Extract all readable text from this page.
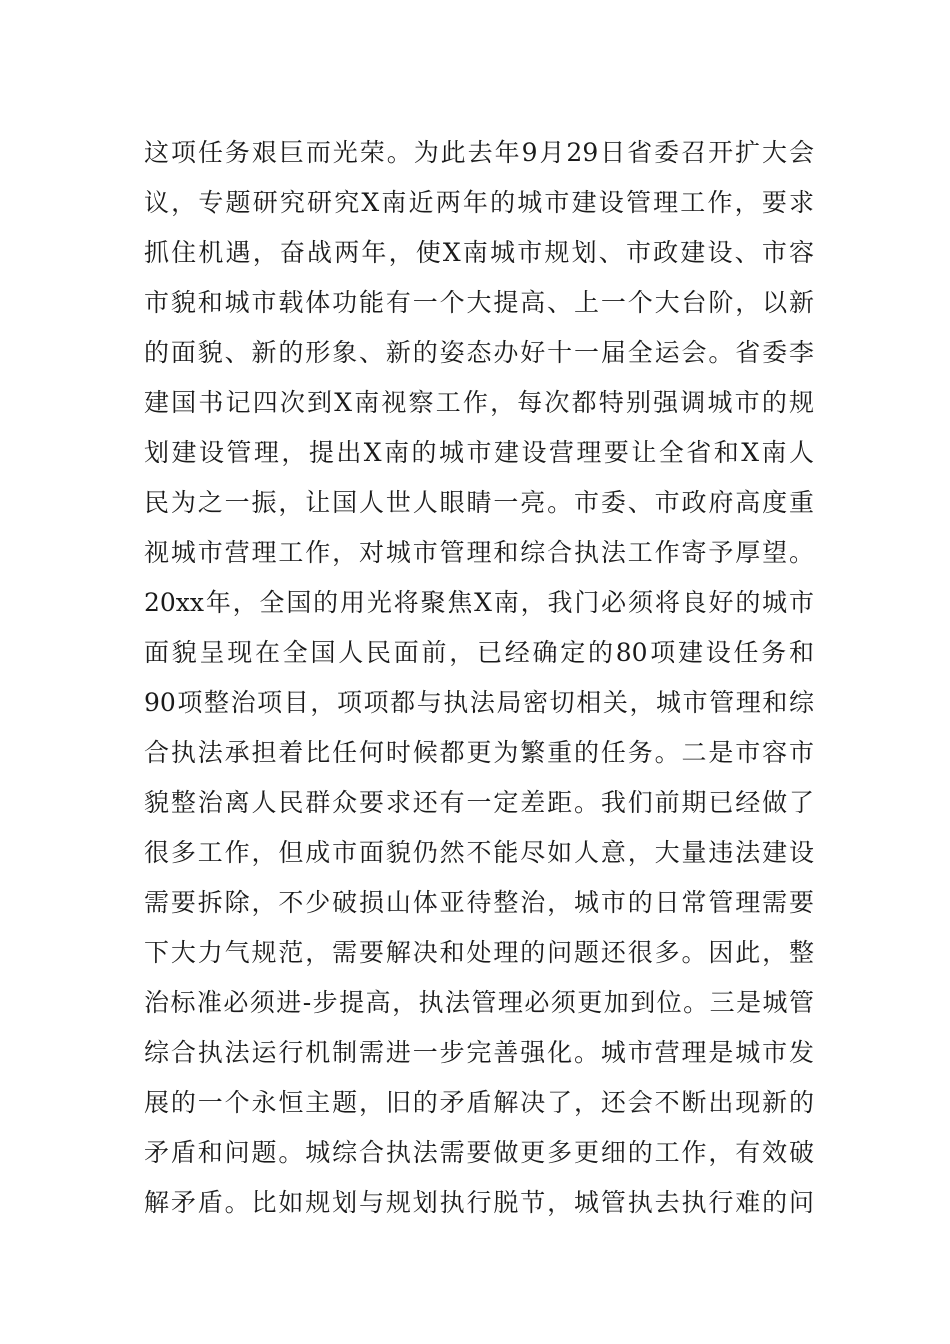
这项任务艰巨而光荣。为此去年9月29日省委召开扩大会
议，专题研究研究X南近两年的城市建设管理工作，要求
抓住机遇，奋战两年，使X南城市规划、市政建设、市容
市貌和城市载体功能有一个大提高、上一个大台阶，以新
的面貌、新的形象、新的姿态办好十一届全运会。省委李
建国书记四次到X南视察工作，每次都特别强调城市的规
划建设管理，提出X南的城市建设营理要让全省和X南人
民为之一振，让国人世人眼睛一亮。市委、市政府高度重
视城市营理工作，对城市管理和综合执法工作寄予厚望。
20xx年，全国的用光将聚焦X南，我门必须将良好的城市
面貌呈现在全国人民面前，已经确定的80项建设任务和
90项整治项目，项项都与执法局密切相关，城市管理和综
合执法承担着比任何时候都更为繁重的任务。二是市容市
貌整治离人民群众要求还有一定差距。我们前期已经做了
很多工作，但成市面貌仍然不能尽如人意，大量违法建设
需要拆除，不少破损山体亚待整治，城市的日常管理需要
下大力气规范，需要解决和处理的问题还很多。因此，整
治标准必须进-步提高，执法管理必须更加到位。三是城管
综合执法运行机制需进一步完善强化。城市营理是城市发
展的一个永恒主题，旧的矛盾解决了，还会不断出现新的
矛盾和问题。城综合执法需要做更多更细的工作，有效破
解矛盾。比如规划与规划执行脱节，城管执去执行难的问
